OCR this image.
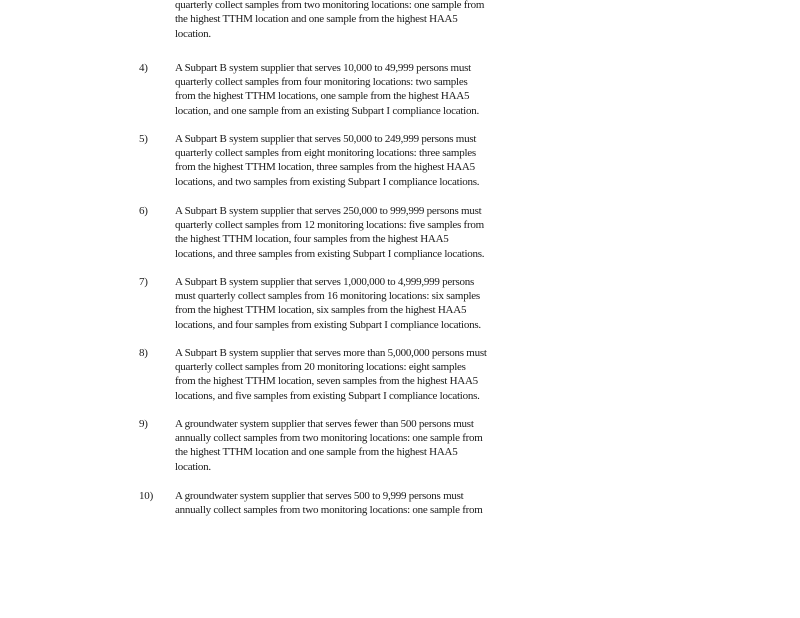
quarterly collect samples from two monitoring locations: one sample from
the highest TTHM location and one sample from the highest HAA5
location.
4) A Subpart B system supplier that serves 10,000 to 49,999 persons must
quarterly collect samples from four monitoring locations: two samples
from the highest TTHM locations, one sample from the highest HAA5
location, and one sample from an existing Subpart I compliance location.
5) A Subpart B system supplier that serves 50,000 to 249,999 persons must
quarterly collect samples from eight monitoring locations: three samples
from the highest TTHM location, three samples from the highest HAA5
locations, and two samples from existing Subpart I compliance locations.
6) A Subpart B system supplier that serves 250,000 to 999,999 persons must
quarterly collect samples from 12 monitoring locations: five samples from
the highest TTHM location, four samples from the highest HAA5
locations, and three samples from existing Subpart I compliance locations.
7) A Subpart B system supplier that serves 1,000,000 to 4,999,999 persons
must quarterly collect samples from 16 monitoring locations: six samples
from the highest TTHM location, six samples from the highest HAA5
locations, and four samples from existing Subpart I compliance locations.
8) A Subpart B system supplier that serves more than 5,000,000 persons must
quarterly collect samples from 20 monitoring locations: eight samples
from the highest TTHM location, seven samples from the highest HAA5
locations, and five samples from existing Subpart I compliance locations.
9) A groundwater system supplier that serves fewer than 500 persons must
annually collect samples from two monitoring locations: one sample from
the highest TTHM location and one sample from the highest HAA5
location.
10) A groundwater system supplier that serves 500 to 9,999 persons must
annually collect samples from two monitoring locations: one sample from
